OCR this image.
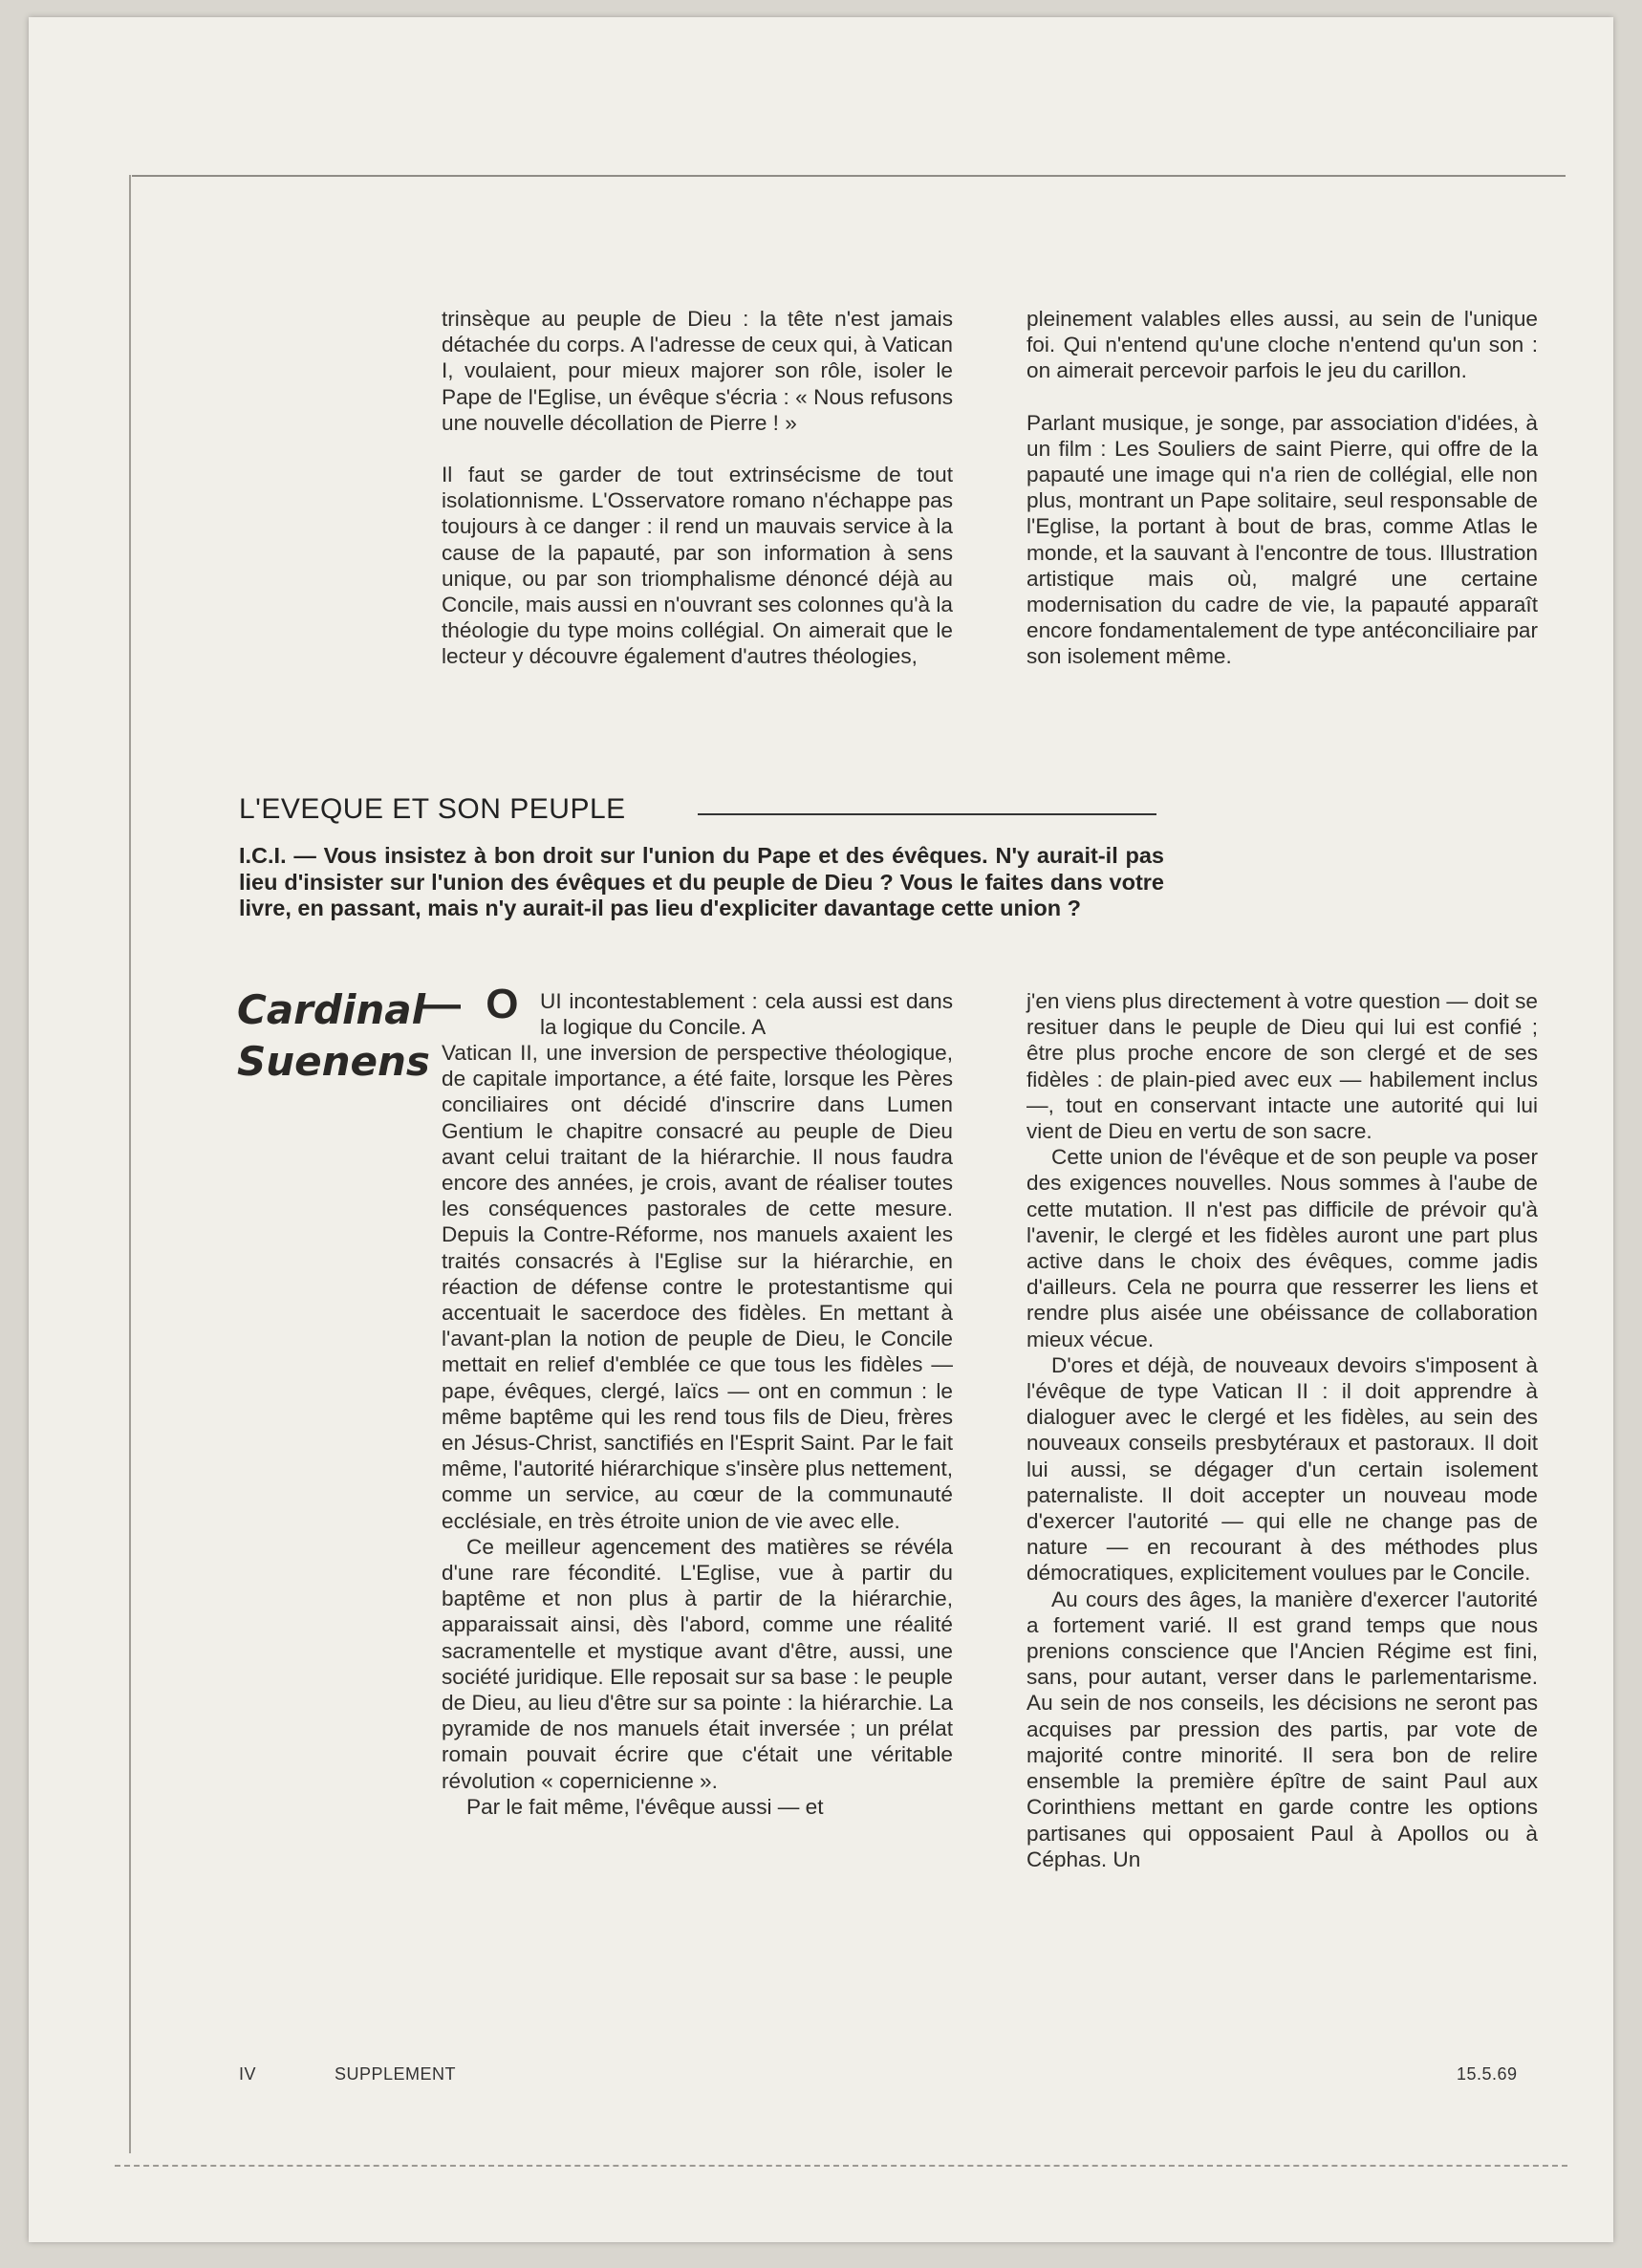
trinsèque au peuple de Dieu : la tête n'est jamais détachée du corps. A l'adresse de ceux qui, à Vatican I, voulaient, pour mieux majorer son rôle, isoler le Pape de l'Eglise, un évêque s'écria : « Nous refusons une nouvelle décollation de Pierre ! »

Il faut se garder de tout extrinsécisme de tout isolationnisme. L'Osservatore romano n'échappe pas toujours à ce danger : il rend un mauvais service à la cause de la papauté, par son information à sens unique, ou par son triomphalisme dénoncé déjà au Concile, mais aussi en n'ouvrant ses colonnes qu'à la théologie du type moins collégial. On aimerait que le lecteur y découvre également d'autres théologies,

pleinement valables elles aussi, au sein de l'unique foi. Qui n'entend qu'une cloche n'entend qu'un son : on aimerait percevoir parfois le jeu du carillon.

Parlant musique, je songe, par association d'idées, à un film : Les Souliers de saint Pierre, qui offre de la papauté une image qui n'a rien de collégial, elle non plus, montrant un Pape solitaire, seul responsable de l'Eglise, la portant à bout de bras, comme Atlas le monde, et la sauvant à l'encontre de tous. Illustration artistique mais où, malgré une certaine modernisation du cadre de vie, la papauté apparaît encore fondamentalement de type antéconciliaire par son isolement même.

L'EVEQUE ET SON PEUPLE
I.C.I. — Vous insistez à bon droit sur l'union du Pape et des évêques. N'y aurait-il pas lieu d'insister sur l'union des évêques et du peuple de Dieu ? Vous le faites dans votre livre, en passant, mais n'y aurait-il pas lieu d'expliciter davantage cette union ?
Cardinal
Suenens
— O UI incontestablement : cela aussi est dans la logique du Concile. A

Vatican II, une inversion de perspective théologique, de capitale importance, a été faite, lorsque les Pères conciliaires ont décidé d'inscrire dans Lumen Gentium le chapitre consacré au peuple de Dieu avant celui traitant de la hiérarchie. Il nous faudra encore des années, je crois, avant de réaliser toutes les conséquences pastorales de cette mesure. Depuis la Contre-Réforme, nos manuels axaient les traités consacrés à l'Eglise sur la hiérarchie, en réaction de défense contre le protestantisme qui accentuait le sacerdoce des fidèles. En mettant à l'avant-plan la notion de peuple de Dieu, le Concile mettait en relief d'emblée ce que tous les fidèles — pape, évêques, clergé, laïcs — ont en commun : le même baptême qui les rend tous fils de Dieu, frères en Jésus-Christ, sanctifiés en l'Esprit Saint. Par le fait même, l'autorité hiérarchique s'insère plus nettement, comme un service, au cœur de la communauté ecclésiale, en très étroite union de vie avec elle.

Ce meilleur agencement des matières se révéla d'une rare fécondité. L'Eglise, vue à partir du baptême et non plus à partir de la hiérarchie, apparaissait ainsi, dès l'abord, comme une réalité sacramentelle et mystique avant d'être, aussi, une société juridique. Elle reposait sur sa base : le peuple de Dieu, au lieu d'être sur sa pointe : la hiérarchie. La pyramide de nos manuels était inversée ; un prélat romain pouvait écrire que c'était une véritable révolution « copernicienne ».

Par le fait même, l'évêque aussi — et

j'en viens plus directement à votre question — doit se resituer dans le peuple de Dieu qui lui est confié ; être plus proche encore de son clergé et de ses fidèles : de plain-pied avec eux — habilement inclus —, tout en conservant intacte une autorité qui lui vient de Dieu en vertu de son sacre.

Cette union de l'évêque et de son peuple va poser des exigences nouvelles. Nous sommes à l'aube de cette mutation. Il n'est pas difficile de prévoir qu'à l'avenir, le clergé et les fidèles auront une part plus active dans le choix des évêques, comme jadis d'ailleurs. Cela ne pourra que resserrer les liens et rendre plus aisée une obéissance de collaboration mieux vécue.

D'ores et déjà, de nouveaux devoirs s'imposent à l'évêque de type Vatican II : il doit apprendre à dialoguer avec le clergé et les fidèles, au sein des nouveaux conseils presbytéraux et pastoraux. Il doit lui aussi, se dégager d'un certain isolement paternaliste. Il doit accepter un nouveau mode d'exercer l'autorité — qui elle ne change pas de nature — en recourant à des méthodes plus démocratiques, explicitement voulues par le Concile.

Au cours des âges, la manière d'exercer l'autorité a fortement varié. Il est grand temps que nous prenions conscience que l'Ancien Régime est fini, sans, pour autant, verser dans le parlementarisme. Au sein de nos conseils, les décisions ne seront pas acquises par pression des partis, par vote de majorité contre minorité. Il sera bon de relire ensemble la première épître de saint Paul aux Corinthiens mettant en garde contre les options partisanes qui opposaient Paul à Apollos ou à Céphas. Un

IV	SUPPLEMENT	15.5.69
